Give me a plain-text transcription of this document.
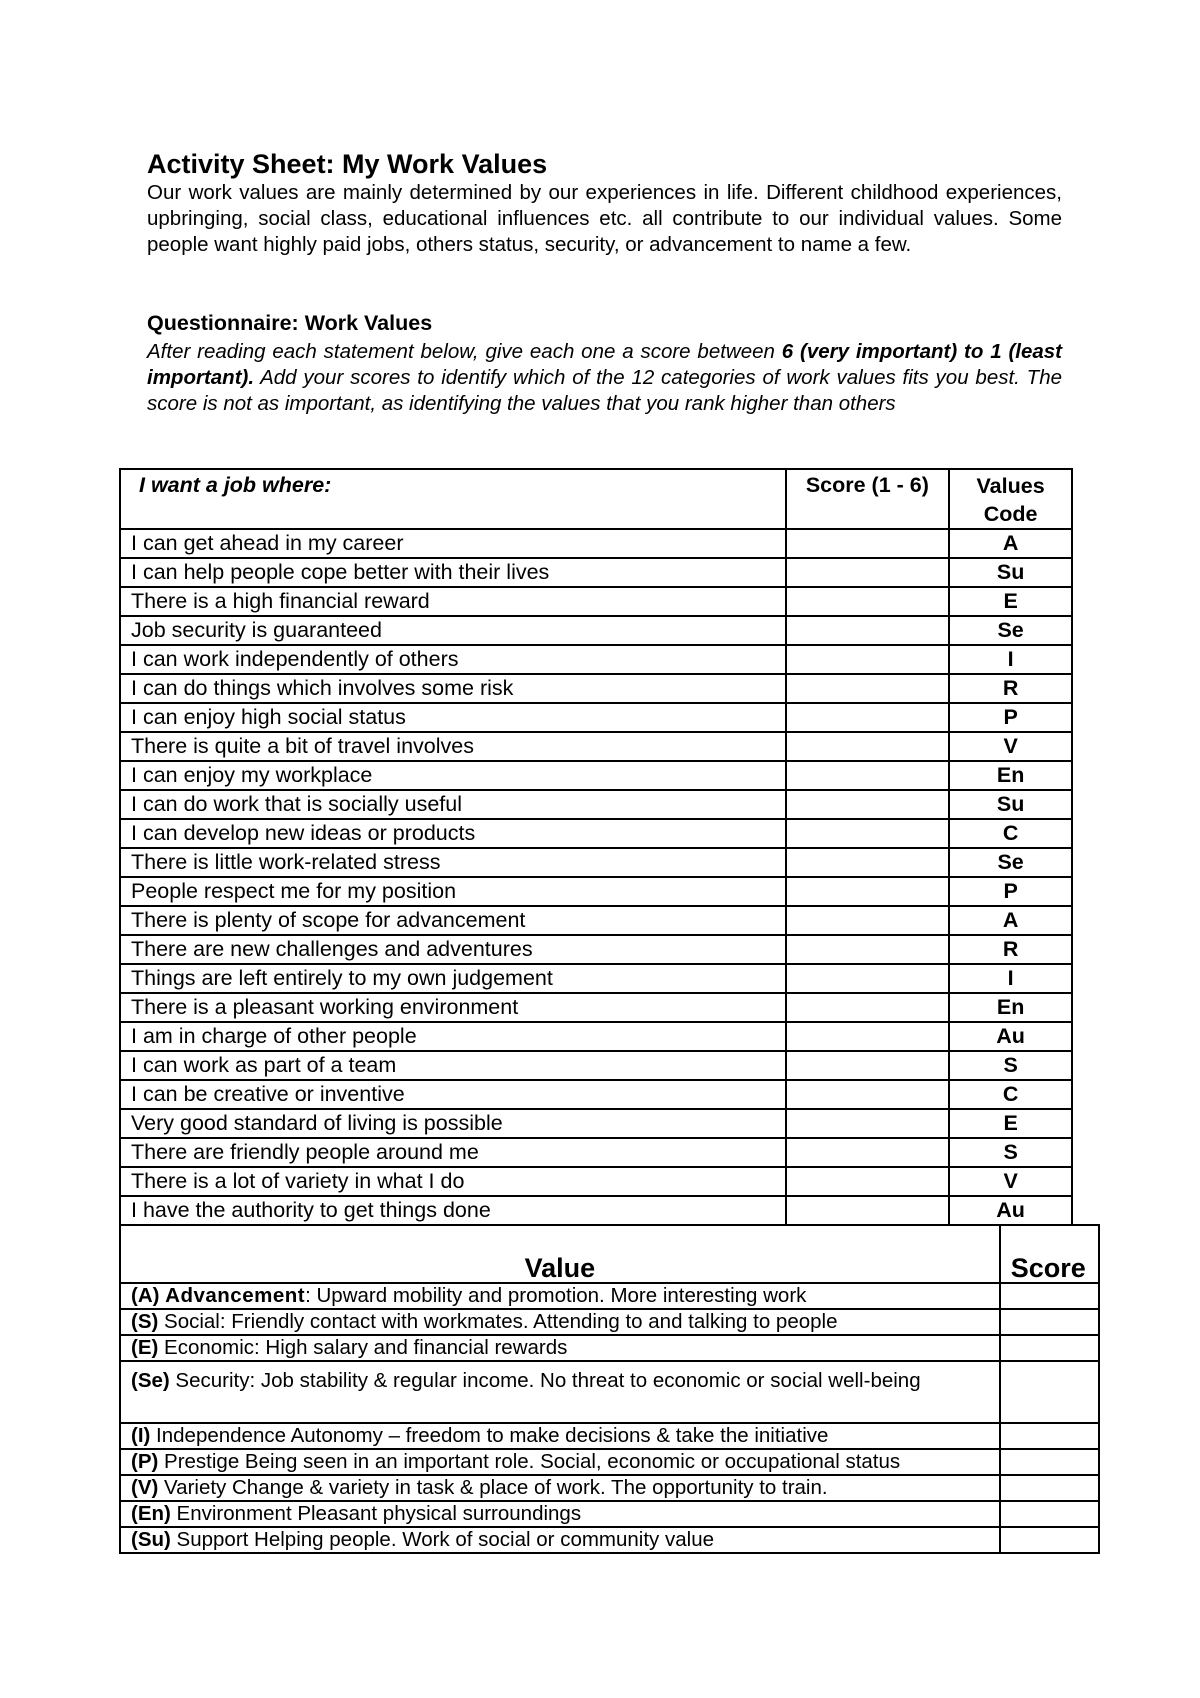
Activity Sheet: My Work Values

Our work values are mainly determined by our experiences in life. Different childhood experiences, upbringing, social class, educational influences etc. all contribute to our individual values. Some people want highly paid jobs, others status, security, or advancement to name a few.

Questionnaire: Work Values

After reading each statement below, give each one a score between 6 (very important) to 1 (least important). Add your scores to identify which of the 12 categories of work values fits you best. The score is not as important, as identifying the values that you rank higher than others

I want a job where:	Score (1 - 6)	Values Code
I can get ahead in my career		A
I can help people cope better with their lives		Su
There is a high financial reward		E
Job security is guaranteed		Se
I can work independently of others		I
I can do things which involves some risk		R
I can enjoy high social status		P
There is quite a bit of travel involves		V
I can enjoy my workplace		En
I can do work that is socially useful		Su
I can develop new ideas or products		C
There is little work-related stress		Se
People respect me for my position		P
There is plenty of scope for advancement		A
There are new challenges and adventures		R
Things are left entirely to my own judgement		I
There is a pleasant working environment		En
I am in charge of other people		Au
I can work as part of a team		S
I can be creative or inventive		C
Very good standard of living is possible		E
There are friendly people around me		S
There is a lot of variety in what I do		V
I have the authority to get things done		Au
Value	Score
(A) Advancement: Upward mobility and promotion. More interesting work	
(S) Social: Friendly contact with workmates. Attending to and talking to people	
(E) Economic: High salary and financial rewards	
(Se) Security: Job stability & regular income. No threat to economic or social well-being	
(I) Independence Autonomy – freedom to make decisions & take the initiative	
(P) Prestige Being seen in an important role. Social, economic or occupational status	
(V) Variety Change & variety in task & place of work. The opportunity to train.	
(En) Environment Pleasant physical surroundings	
(Su) Support Helping people. Work of social or community value	
